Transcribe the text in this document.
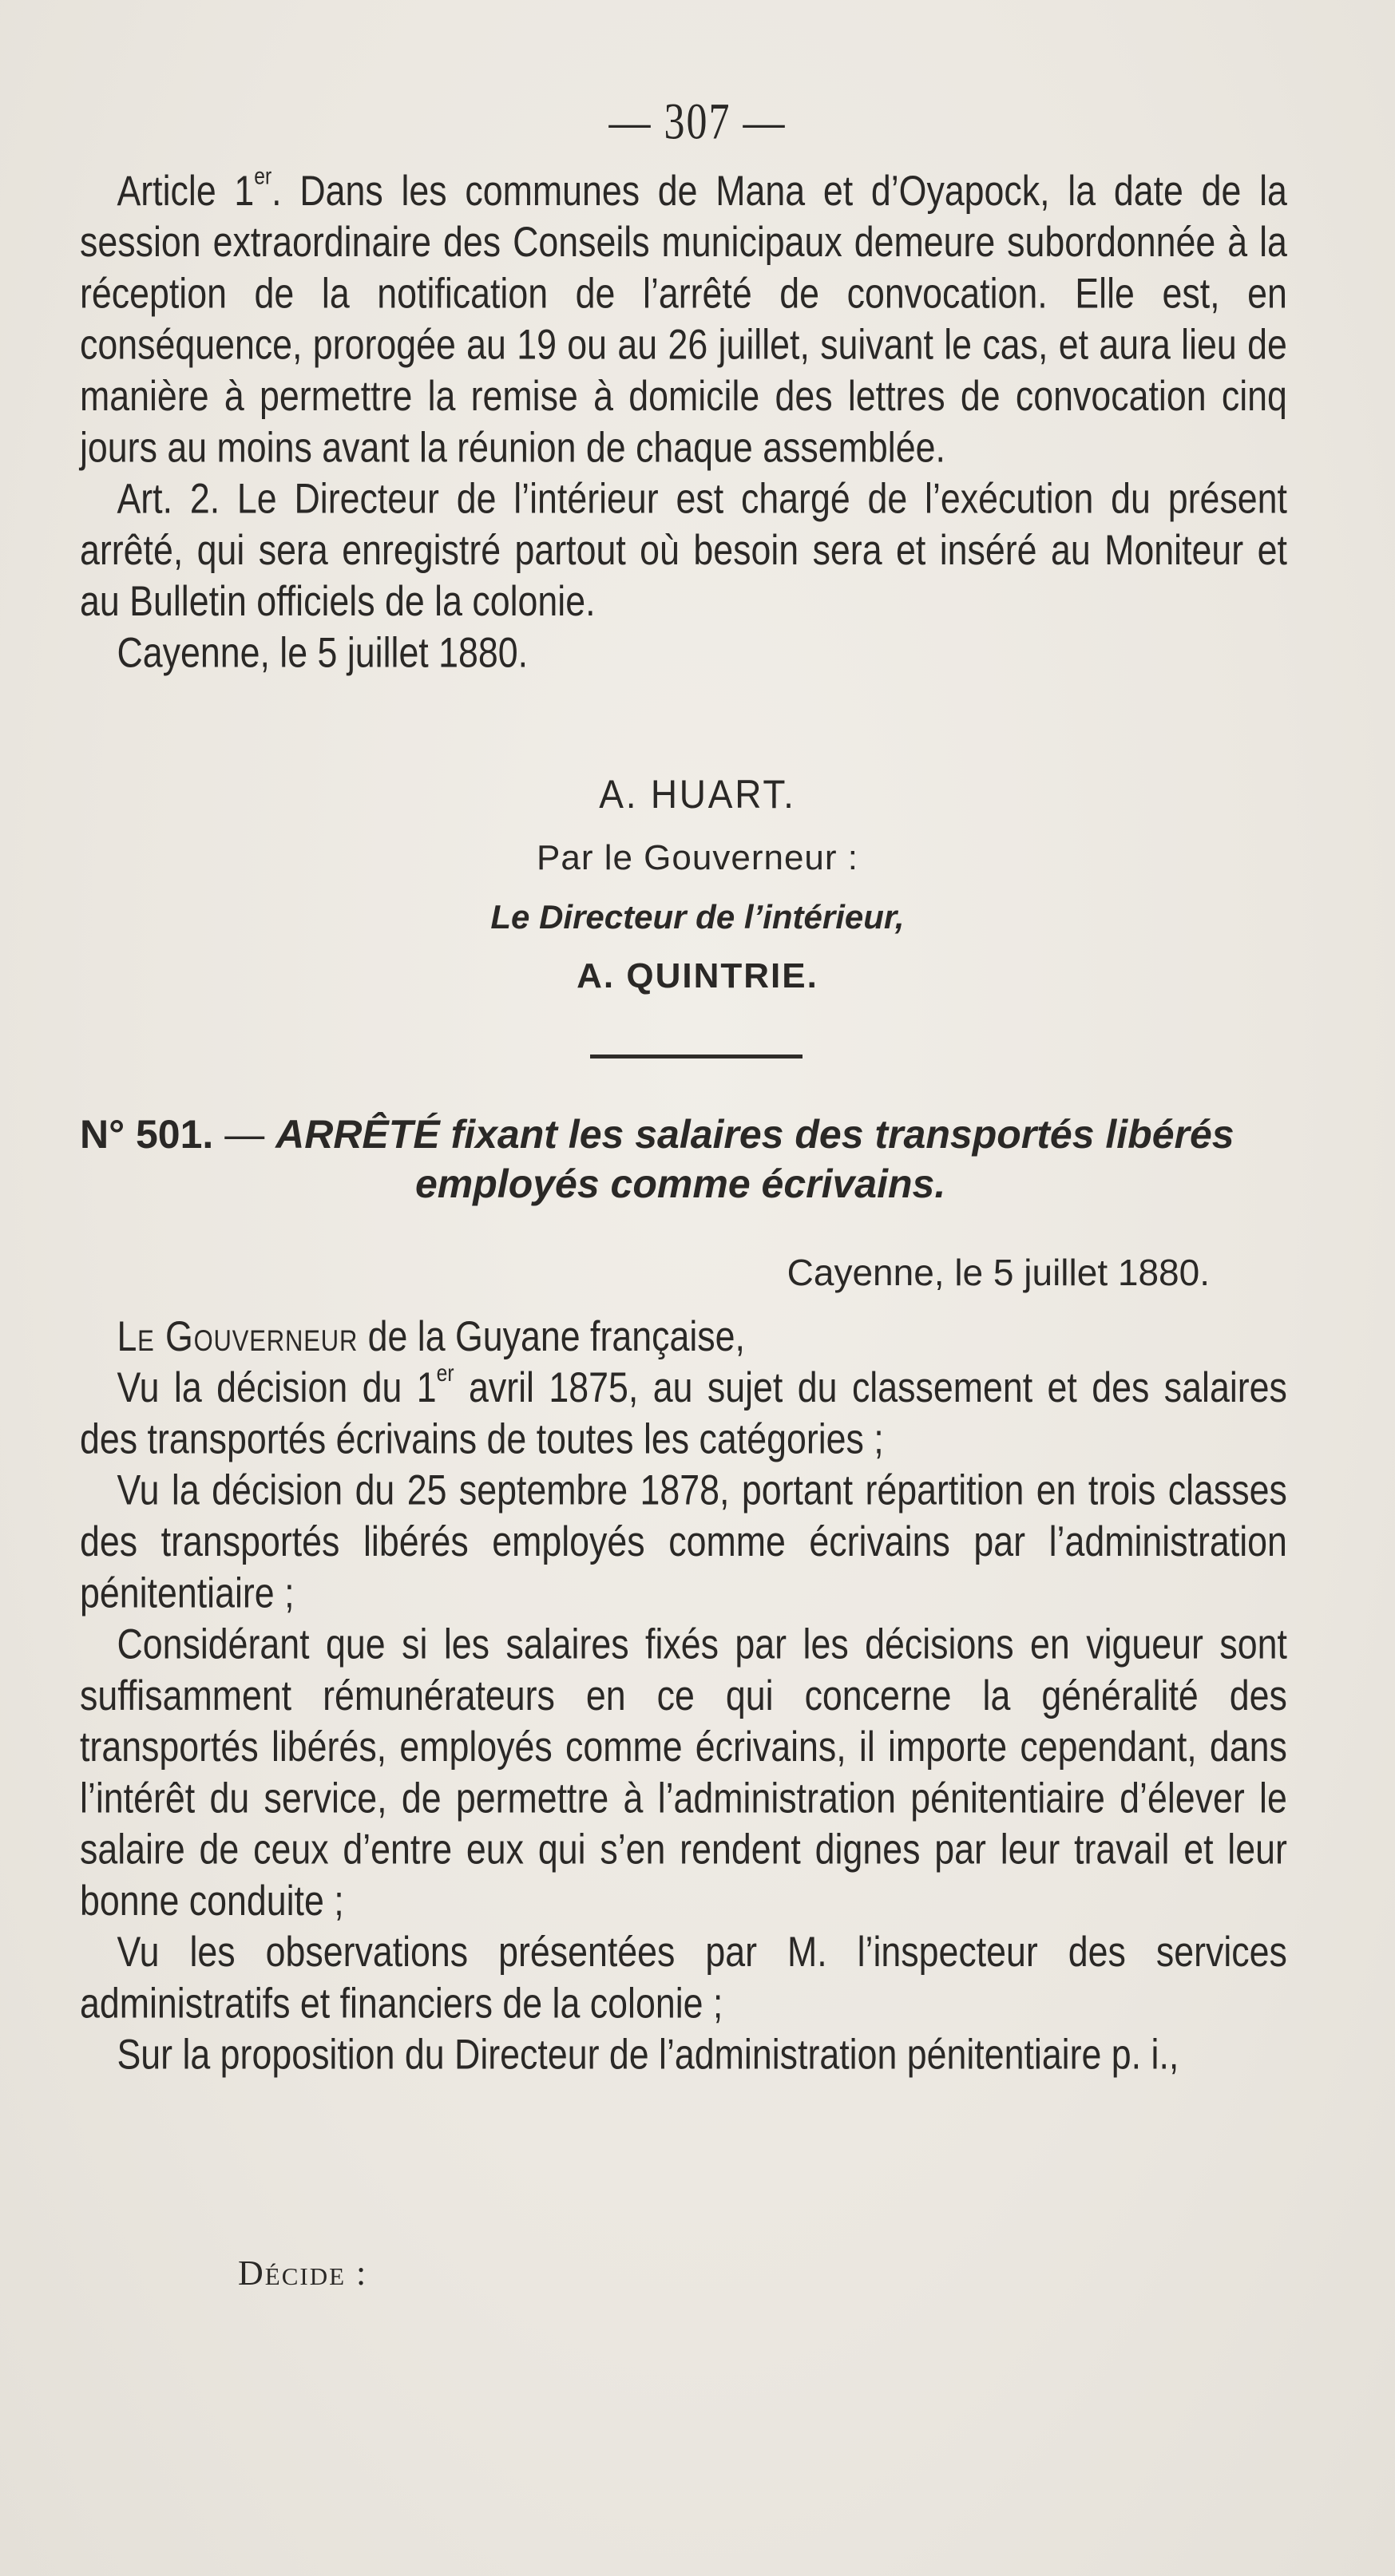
— 307 —

Article 1er. Dans les communes de Mana et d’Oyapock, la date de la session extraordinaire des Conseils municipaux demeure subordonnée à la réception de la notification de l’arrêté de convocation. Elle est, en conséquence, prorogée au 19 ou au 26 juillet, suivant le cas, et aura lieu de manière à permettre la remise à domicile des lettres de convocation cinq jours au moins avant la réunion de chaque assemblée.

Art. 2. Le Directeur de l’intérieur est chargé de l’exécution du présent arrêté, qui sera enregistré partout où besoin sera et inséré au Moniteur et au Bulletin officiels de la colonie.

Cayenne, le 5 juillet 1880.

A. HUART.
Par le Gouverneur :
Le Directeur de l’intérieur,
A. QUINTRIE.
N° 501. — ARRÊTÉ fixant les salaires des transportés libérés
employés comme écrivains.
Cayenne, le 5 juillet 1880.

Le Gouverneur de la Guyane française,

Vu la décision du 1er avril 1875, au sujet du classement et des salaires des transportés écrivains de toutes les catégories ;

Vu la décision du 25 septembre 1878, portant répartition en trois classes des transportés libérés employés comme écrivains par l’administration pénitentiaire ;

Considérant que si les salaires fixés par les décisions en vigueur sont suffisamment rémunérateurs en ce qui concerne la généralité des transportés libérés, employés comme écrivains, il importe cependant, dans l’intérêt du service, de permettre à l’administration pénitentiaire d’élever le salaire de ceux d’entre eux qui s’en rendent dignes par leur travail et leur bonne conduite ;

Vu les observations présentées par M. l’inspecteur des services administratifs et financiers de la colonie ;

Sur la proposition du Directeur de l’administration pénitentiaire p. i.,

Décide :
